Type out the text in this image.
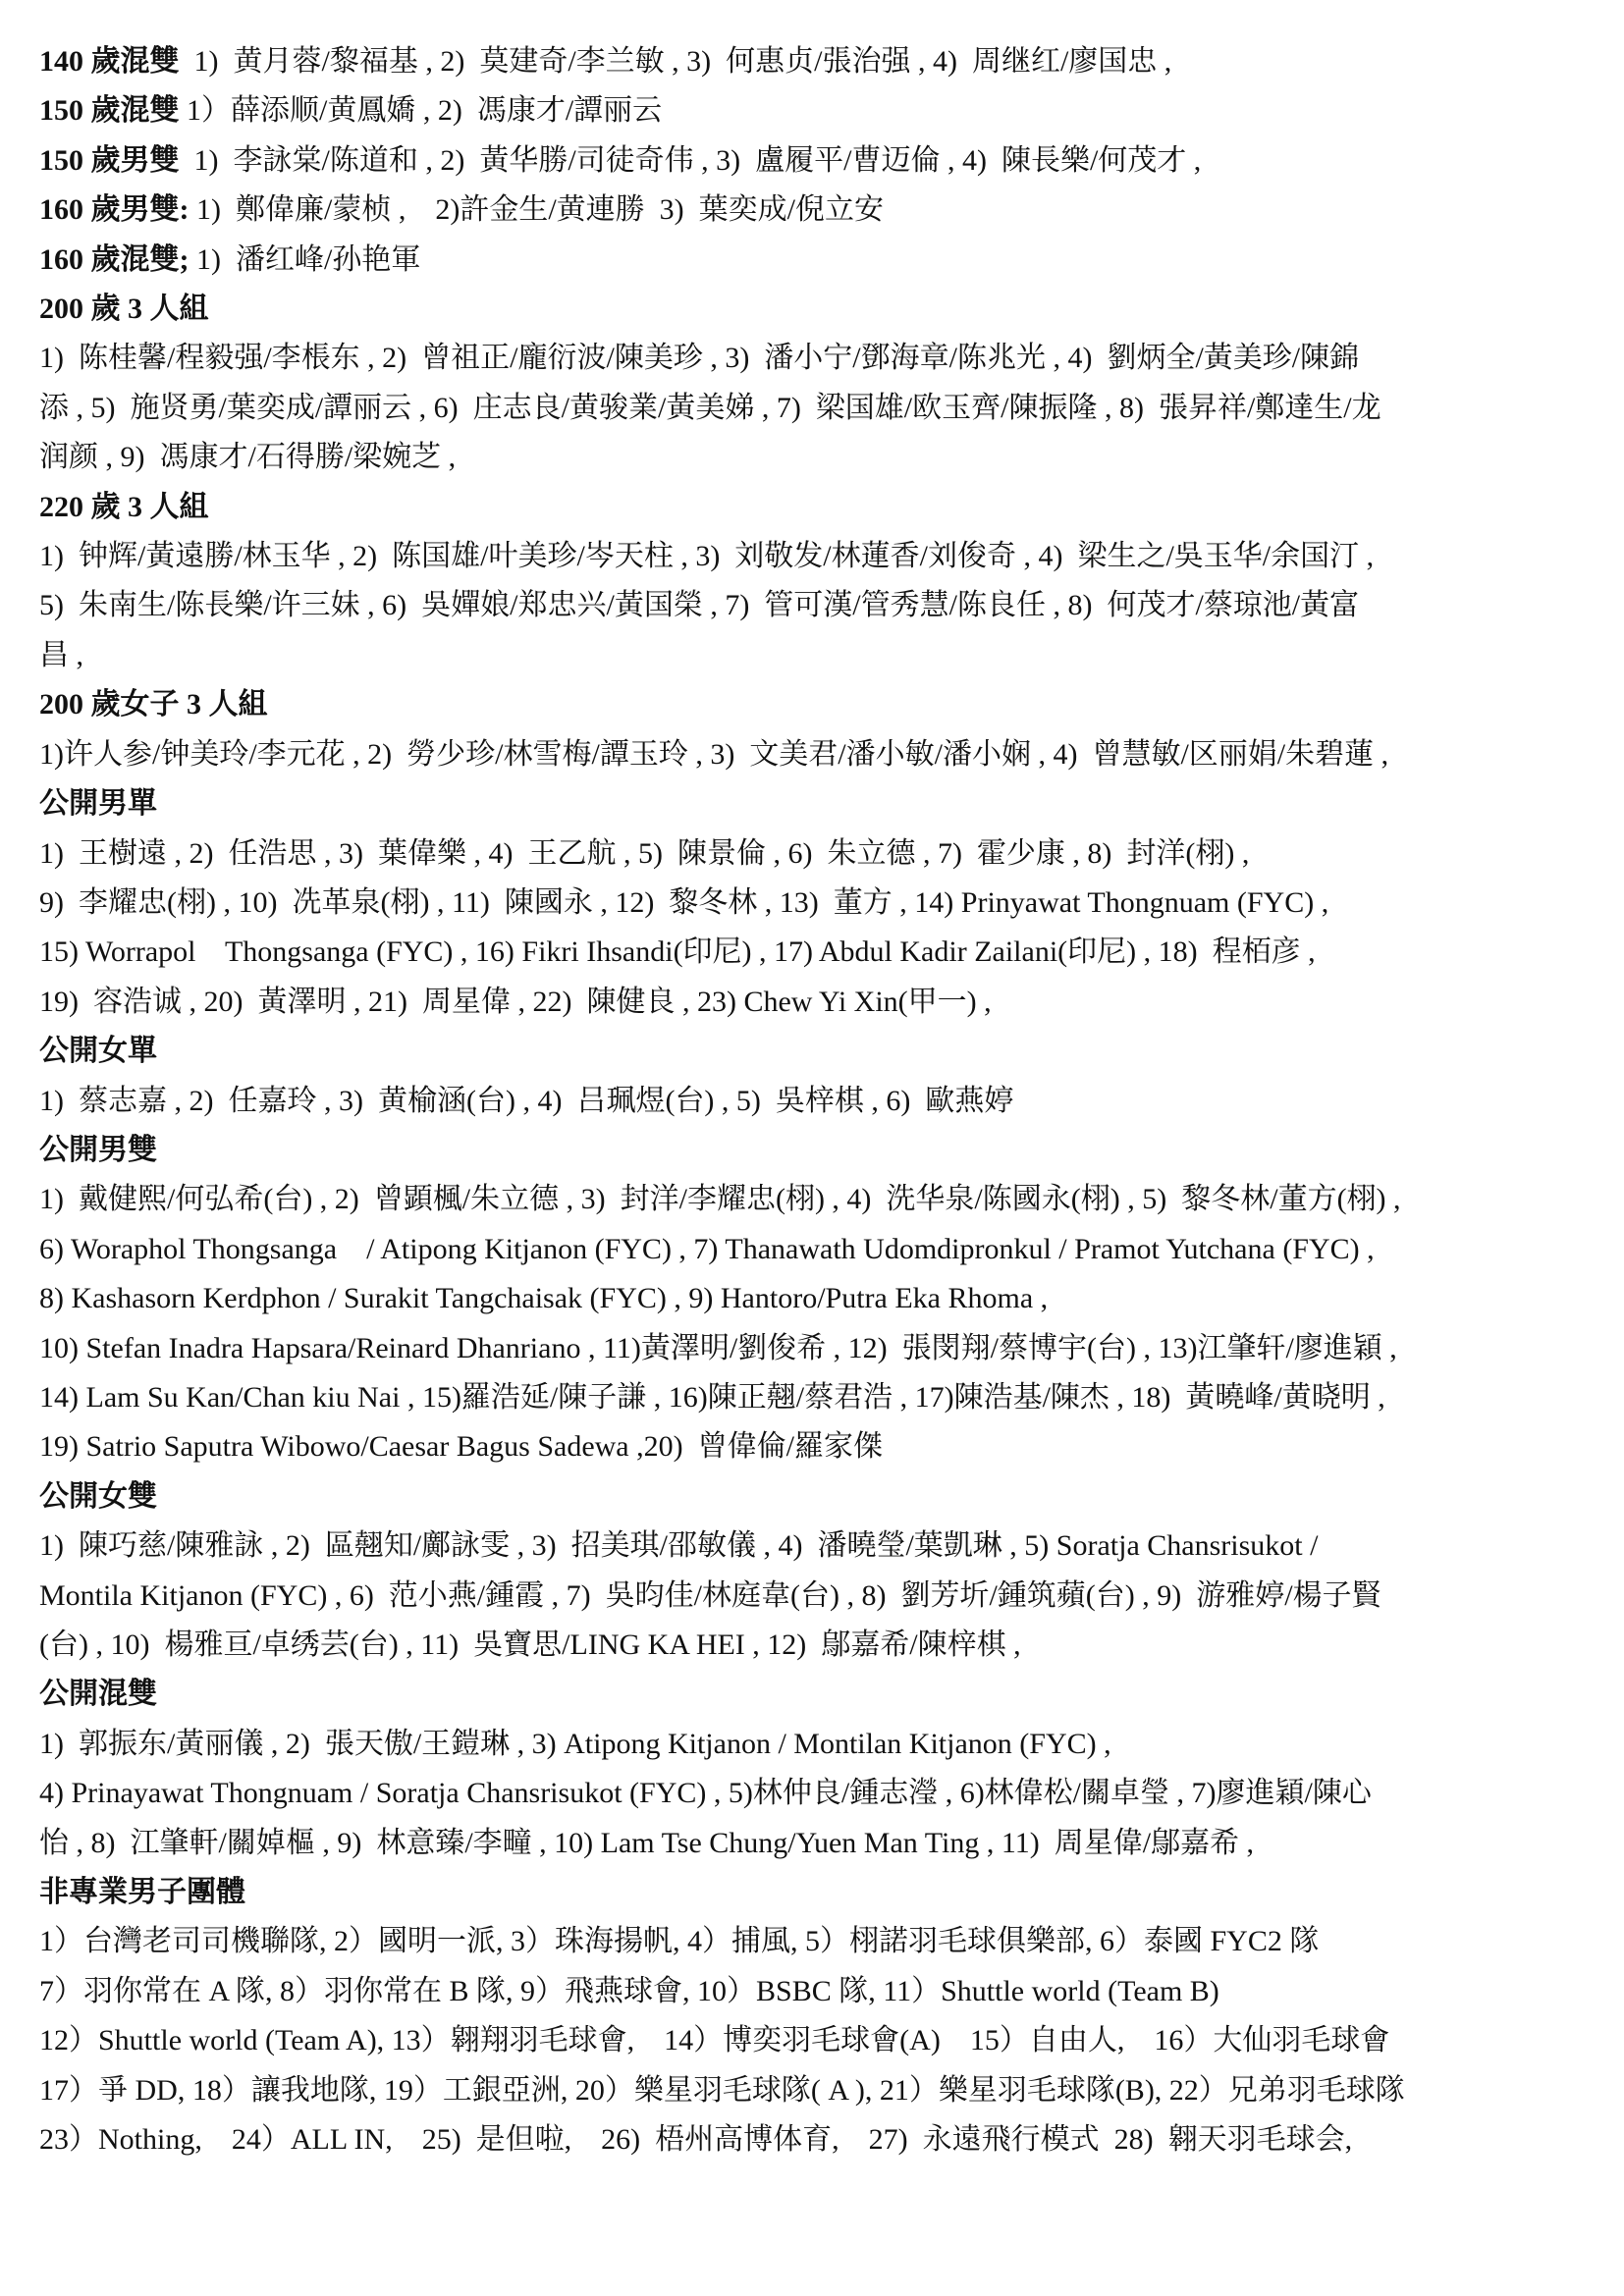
140 歲混雙  1)  黄月蓉/黎福基 , 2)  莫建奇/李兰敏 , 3)  何惠贞/張治强 , 4)  周继红/廖国忠 ,
150 歲混雙 1）薛添顺/黄鳳嬌 , 2)  馮康才/譚丽云
150 歲男雙  1)  李詠棠/陈道和 , 2)  黃华勝/司徒奇伟 , 3)  盧履平/曹迈倫 , 4)  陳長樂/何茂才 ,
160 歲男雙: 1)  鄭偉廉/蒙桢 ,    2)許金生/黄連勝  3)  葉奕成/倪立安
160 歲混雙; 1)  潘红峰/孙艳軍
200 歲 3 人組
1)  陈桂馨/程毅强/李棖东 , 2)  曾祖正/龐衍波/陳美珍 , 3)  潘小宁/鄧海章/陈兆光 , 4)  劉炳全/黃美珍/陳錦
添 , 5)  施贤勇/葉奕成/譚丽云 , 6)  庄志良/黄骏業/黃美娣 , 7)  梁国雄/欧玉齊/陳振隆 , 8)  張昇祥/鄭達生/龙
润颜 , 9)  馮康才/石得勝/梁婉芝 ,
220 歲 3 人組
1)  钟辉/黃遠勝/林玉华 , 2)  陈国雄/叶美珍/岑天柱 , 3)  刘敬发/林蓮香/刘俊奇 , 4)  梁生之/吳玉华/余国汀 ,
5)  朱南生/陈長樂/许三妹 , 6)  吳嬋娘/郑忠兴/黃国榮 , 7)  管可漢/管秀慧/陈良任 , 8)  何茂才/蔡琼池/黃富
昌 ,
200 歲女子 3 人組
1)许人参/钟美玲/李元花 , 2)  勞少珍/林雪梅/譚玉玲 , 3)  文美君/潘小敏/潘小娴 , 4)  曾慧敏/区丽娟/朱碧蓮 ,
公開男單
1)  王樹遠 , 2)  任浩思 , 3)  葉偉樂 , 4)  王乙航 , 5)  陳景倫 , 6)  朱立德 , 7)  霍少康 , 8)  封洋(栩) ,
9)  李耀忠(栩) , 10)  冼革泉(栩) , 11)  陳國永 , 12)  黎冬林 , 13)  董方 , 14) Prinyawat Thongnuam (FYC) ,
15) Worrapol    Thongsanga (FYC) , 16) Fikri Ihsandi(印尼) , 17) Abdul Kadir Zailani(印尼) , 18)  程栢彦 ,
19)  容浩诚 , 20)  黃澤明 , 21)  周星偉 , 22)  陳健良 , 23) Chew Yi Xin(甲一) ,
公開女單
1)  蔡志嘉 , 2)  任嘉玲 , 3)  黄榆涵(台) , 4)  吕珮煜(台) , 5)  吳梓棋 , 6)  歐燕婷
公開男雙
1)  戴健熙/何弘希(台) , 2)  曾顕楓/朱立德 , 3)  封洋/李耀忠(栩) , 4)  洗华泉/陈國永(栩) , 5)  黎冬林/董方(栩) ,
6) Woraphol Thongsanga    / Atipong Kitjanon (FYC) , 7) Thanawath Udomdipronkul / Pramot Yutchana (FYC) ,
8) Kashasorn Kerdphon / Surakit Tangchaisak (FYC) , 9) Hantoro/Putra Eka Rhoma ,
10) Stefan Inadra Hapsara/Reinard Dhanriano , 11)黃澤明/劉俊希 , 12)  張閔翔/蔡博宇(台) , 13)江肇轩/廖進穎 ,
14) Lam Su Kan/Chan kiu Nai , 15)羅浩延/陳子謙 , 16)陳正翹/蔡君浩 , 17)陳浩基/陳杰 , 18)  黃曉峰/黄晓明 ,
19) Satrio Saputra Wibowo/Caesar Bagus Sadewa ,20)  曾偉倫/羅家傑
公開女雙
1)  陳巧慈/陳雅詠 , 2)  區翹知/鄺詠雯 , 3)  招美琪/邵敏儀 , 4)  潘曉瑩/葉凱琳 , 5) Soratja Chansrisukot /
Montila Kitjanon (FYC) , 6)  范小燕/鍾霞 , 7)  吳昀佳/林庭韋(台) , 8)  劉芳圻/鍾筑蘋(台) , 9)  游雅婷/楊子賢
(台) , 10)  楊雅亘/卓绣芸(台) , 11)  吳寶思/LING KA HEI , 12)  鄔嘉希/陳梓棋 ,
公開混雙
1)  郭振东/黃丽儀 , 2)  張天傲/王鎧琳 , 3) Atipong Kitjanon / Montilan Kitjanon (FYC) ,
4) Prinayawat Thongnuam / Soratja Chansrisukot (FYC) , 5)林仲良/鍾志瀅 , 6)林偉松/關卓瑩 , 7)廖進穎/陳心
怡 , 8)  江肇軒/關婥樞 , 9)  林意臻/李疃 , 10) Lam Tse Chung/Yuen Man Ting , 11)  周星偉/鄔嘉希 ,
非專業男子團體
1）台灣老司司機聯隊, 2）國明一派, 3）珠海揚帆, 4）捕風, 5）栩諾羽毛球俱樂部, 6）泰國 FYC2 隊
7）羽你常在 A 隊, 8）羽你常在 B 隊, 9）飛燕球會, 10）BSBC 隊, 11）Shuttle world (Team B)
12）Shuttle world (Team A), 13）翱翔羽毛球會,    14）博奕羽毛球會(A)    15）自由人,    16）大仙羽毛球會
17）爭 DD, 18）讓我地隊, 19）工銀亞洲, 20）樂星羽毛球隊( A ), 21）樂星羽毛球隊(B), 22）兄弟羽毛球隊
23）Nothing,    24）ALL IN,    25)  是但啦,    26)  梧州高博体育,    27)  永遠飛行模式  28)  翱天羽毛球会,
